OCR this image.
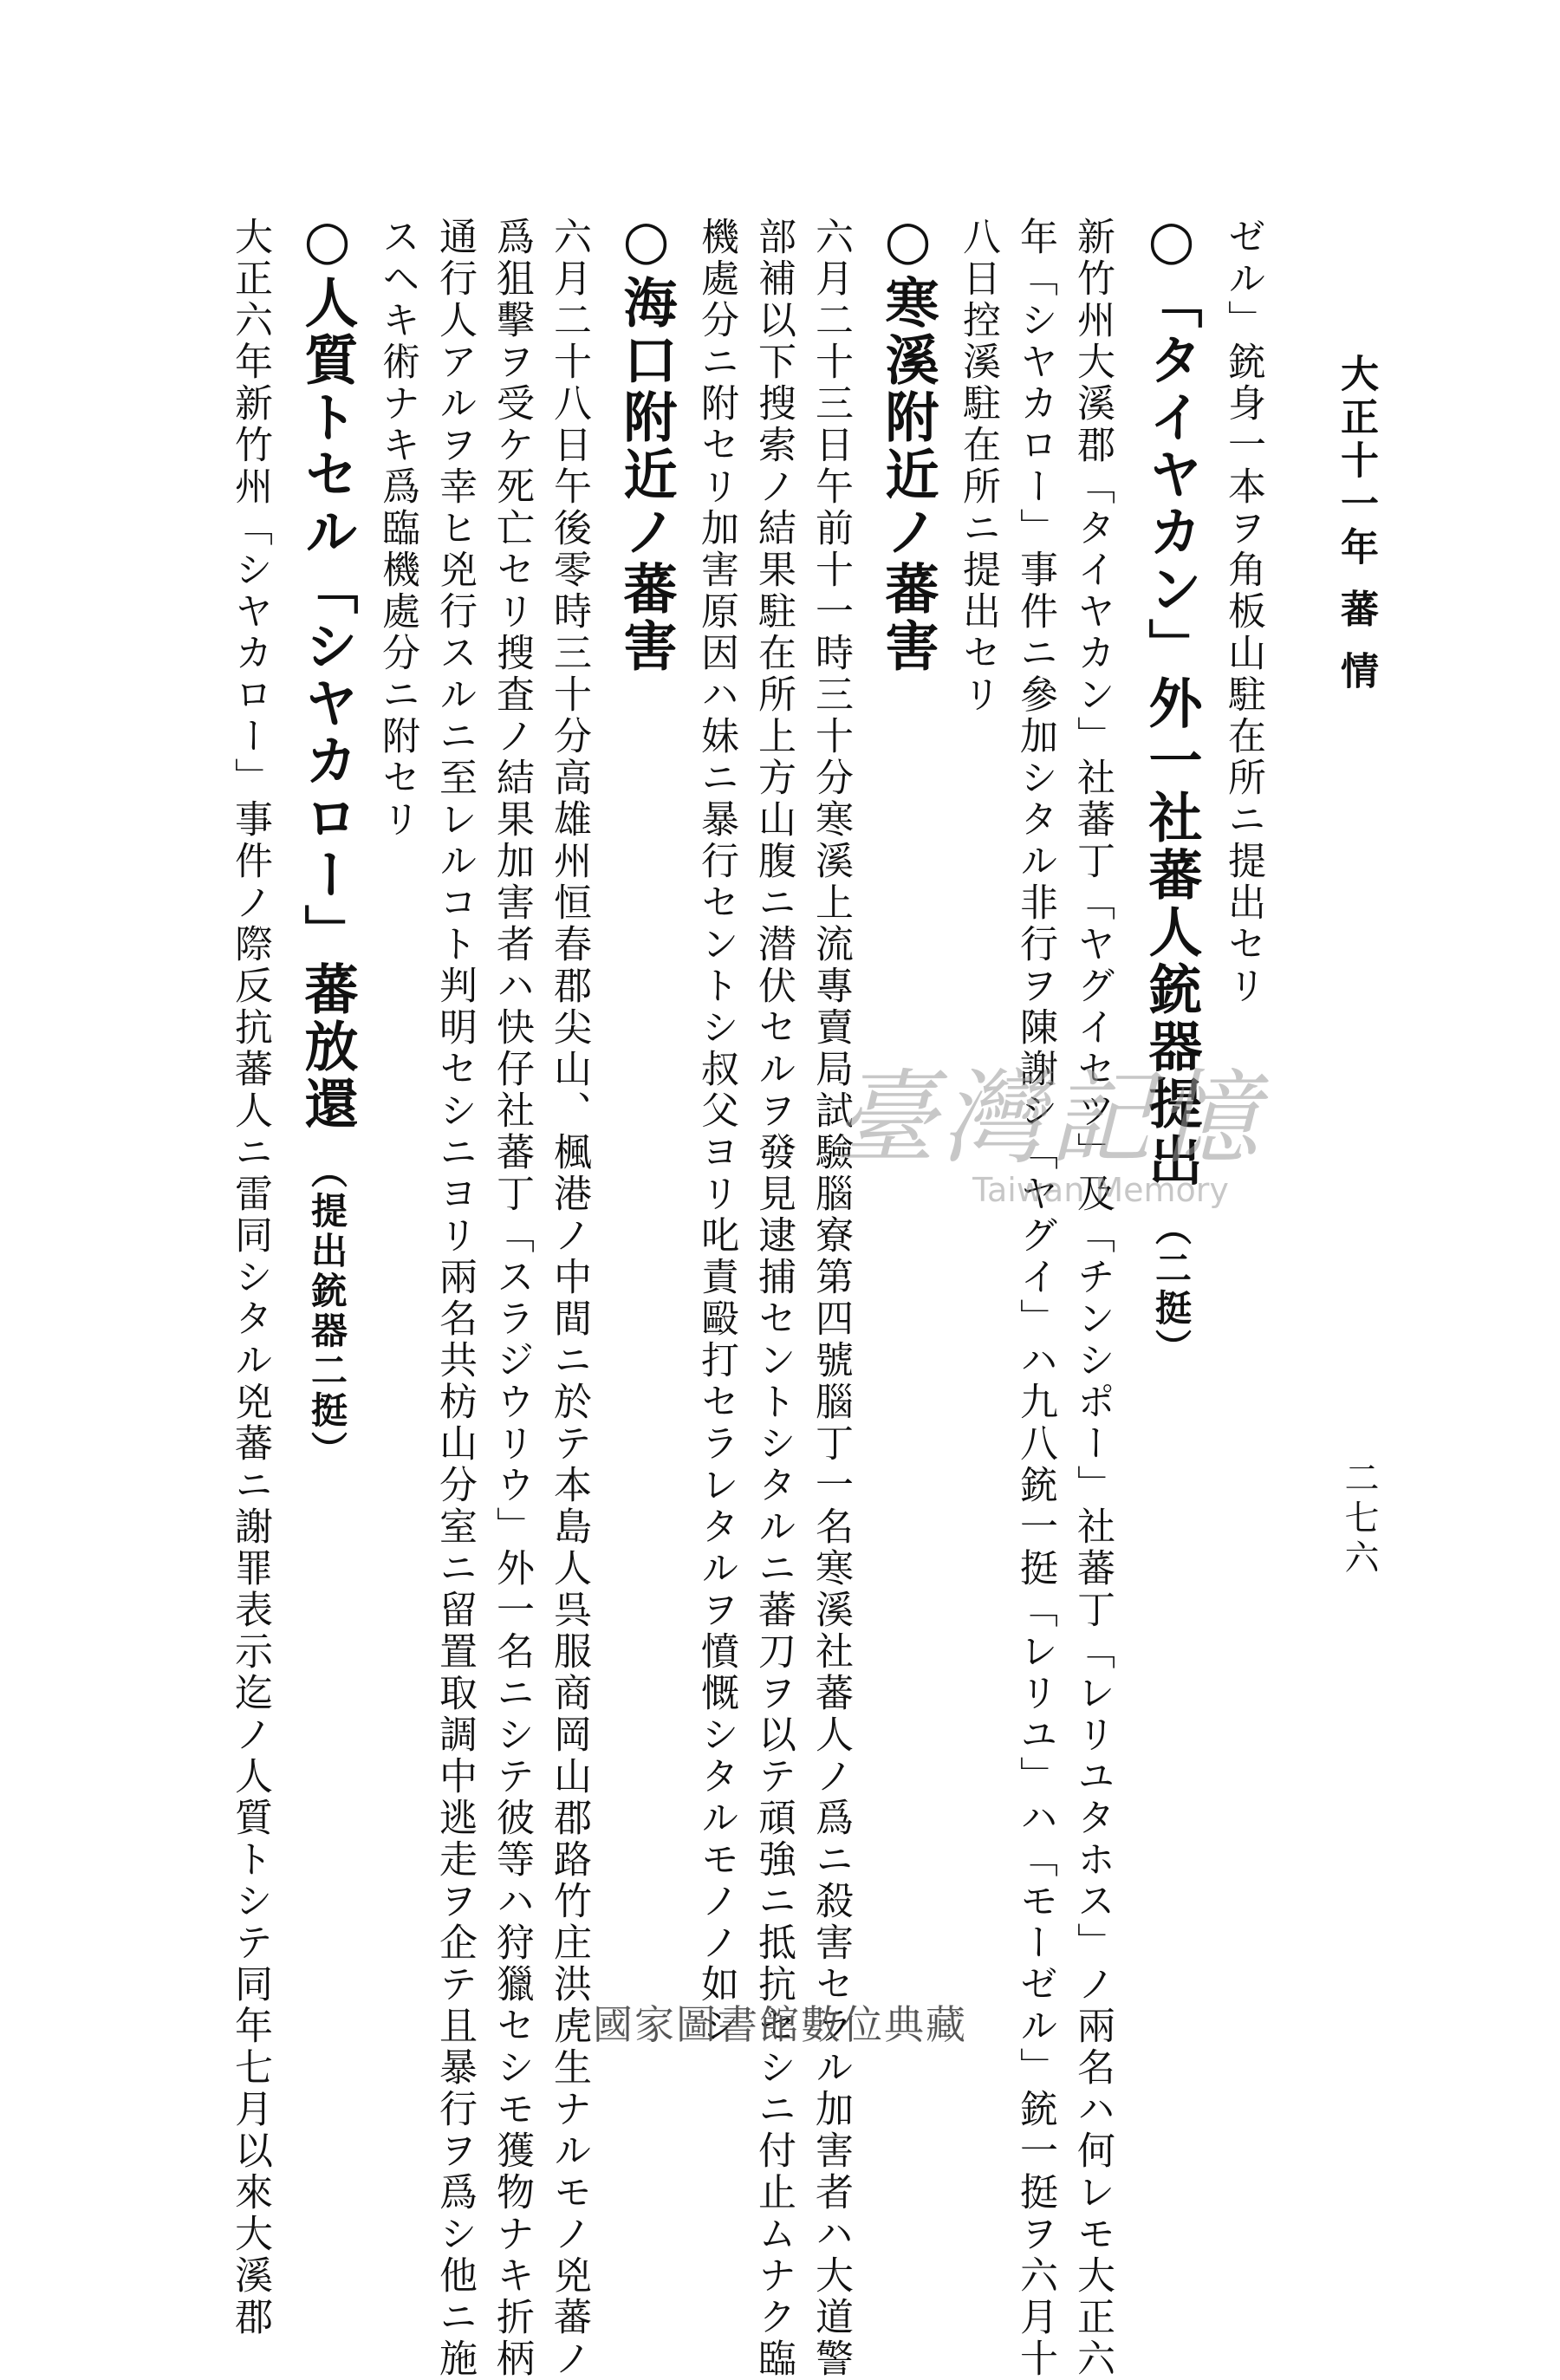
大正十一年 蕃 情
二七六
ゼル」銃身一本ヲ角板山駐在所ニ提出セリ
○「タイヤカン」外一社蕃人銃器提出（二挺）
新竹州大溪郡「タイヤカン」社蕃丁「ヤグイセツ」及「チンシポー」社蕃丁「レリユタホス」ノ兩名ハ何レモ大正六
年「シヤカロー」事件ニ參加シタル非行ヲ陳謝シ「ヤグイ」ハ九八銃一挺「レリユ」ハ「モーゼル」銃一挺ヲ六月十
八日控溪駐在所ニ提出セリ
○寒溪附近ノ蕃害
六月二十三日午前十一時三十分寒溪上流專賣局試驗腦寮第四號腦丁一名寒溪社蕃人ノ爲ニ殺害セラル加害者ハ大道警
部補以下搜索ノ結果駐在所上方山腹ニ潜伏セルヲ發見逮捕セントシタルニ蕃刀ヲ以テ頑強ニ抵抗セシニ付止ムナク臨
機處分ニ附セリ加害原因ハ妹ニ暴行セントシ叔父ヨリ叱責毆打セラレタルヲ憤慨シタルモノノ如シ
○海口附近ノ蕃害
六月二十八日午後零時三十分高雄州恒春郡尖山、楓港ノ中間ニ於テ本島人呉服商岡山郡路竹庄洪虎生ナルモノ兇蕃ノ
爲狙擊ヲ受ケ死亡セリ搜査ノ結果加害者ハ快仔社蕃丁「スラジウリウ」外一名ニシテ彼等ハ狩獵セシモ獲物ナキ折柄
通行人アルヲ幸ヒ兇行スルニ至レルコト判明セシニヨリ兩名共枋山分室ニ留置取調中逃走ヲ企テ且暴行ヲ爲シ他ニ施
スヘキ術ナキ爲臨機處分ニ附セリ
○人質トセル「シヤカロー」蕃放還（提出銃器二挺）
大正六年新竹州「シヤカロー」事件ノ際反抗蕃人ニ雷同シタル兇蕃ニ謝罪表示迄ノ人質トシテ同年七月以來大溪郡	臺灣記憶
Taiwan Memory
國家圖書館數位典藏
